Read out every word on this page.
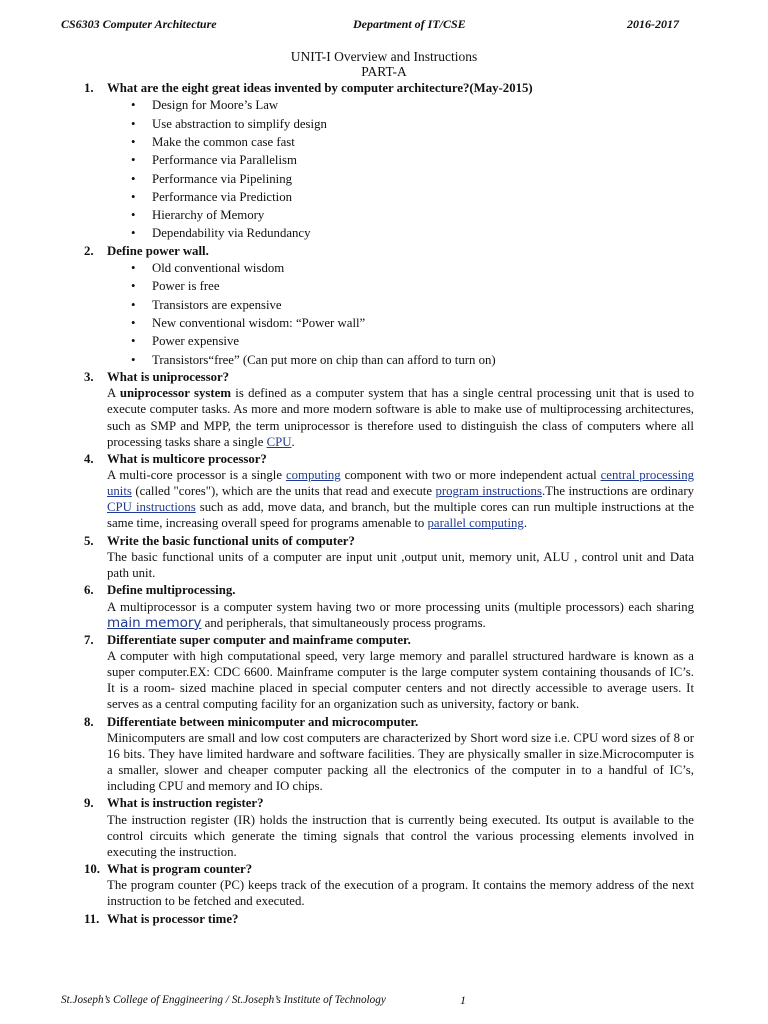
CS6303 Computer Architecture	Department of IT/CSE	2016-2017
UNIT-I Overview and Instructions
PART-A
1. What are the eight great ideas invented by computer architecture?(May-2015)
• Design for Moore’s Law
• Use abstraction to simplify design
• Make the common case fast
• Performance via Parallelism
• Performance via Pipelining
• Performance via Prediction
• Hierarchy of Memory
• Dependability via Redundancy
2. Define power wall.
• Old conventional wisdom
• Power is free
• Transistors are expensive
• New conventional wisdom: “Power wall”
• Power expensive
• Transistors“free” (Can put more on chip than can afford to turn on)
3. What is uniprocessor?
A uniprocessor system is defined as a computer system that has a single central processing unit that is used to execute computer tasks. As more and more modern software is able to make use of multiprocessing architectures, such as SMP and MPP, the term uniprocessor is therefore used to distinguish the class of computers where all processing tasks share a single CPU.
4. What is multicore processor?
A multi-core processor is a single computing component with two or more independent actual central processing units (called "cores"), which are the units that read and execute program instructions.The instructions are ordinary CPU instructions such as add, move data, and branch, but the multiple cores can run multiple instructions at the same time, increasing overall speed for programs amenable to parallel computing.
5. Write the basic functional units of computer?
The basic functional units of a computer are input unit ,output unit, memory unit, ALU , control unit and Data path unit.
6. Define multiprocessing.
A multiprocessor is a computer system having two or more processing units (multiple processors) each sharing main memory and peripherals, that simultaneously process programs.
7. Differentiate super computer and mainframe computer.
A computer with high computational speed, very large memory and parallel structured hardware is known as a super computer.EX: CDC 6600. Mainframe computer is the large computer system containing thousands of IC’s. It is a room- sized machine placed in special computer centers and not directly accessible to average users. It serves as a central computing facility for an organization such as university, factory or bank.
8. Differentiate between minicomputer and microcomputer.
Minicomputers are small and low cost computers are characterized by Short word size i.e. CPU word sizes of 8 or 16 bits. They have limited hardware and software facilities. They are physically smaller in size.Microcomputer is a smaller, slower and cheaper computer packing all the electronics of the computer in to a handful of IC’s, including CPU and memory and IO chips.
9. What is instruction register?
The instruction register (IR) holds the instruction that is currently being executed. Its output is available to the control circuits which generate the timing signals that control the various processing elements involved in executing the instruction.
10. What is program counter?
The program counter (PC) keeps track of the execution of a program. It contains the memory address of the next instruction to be fetched and executed.
11. What is processor time?
St.Joseph’s College of Enggineering / St.Joseph’s Institute of Technology	1
